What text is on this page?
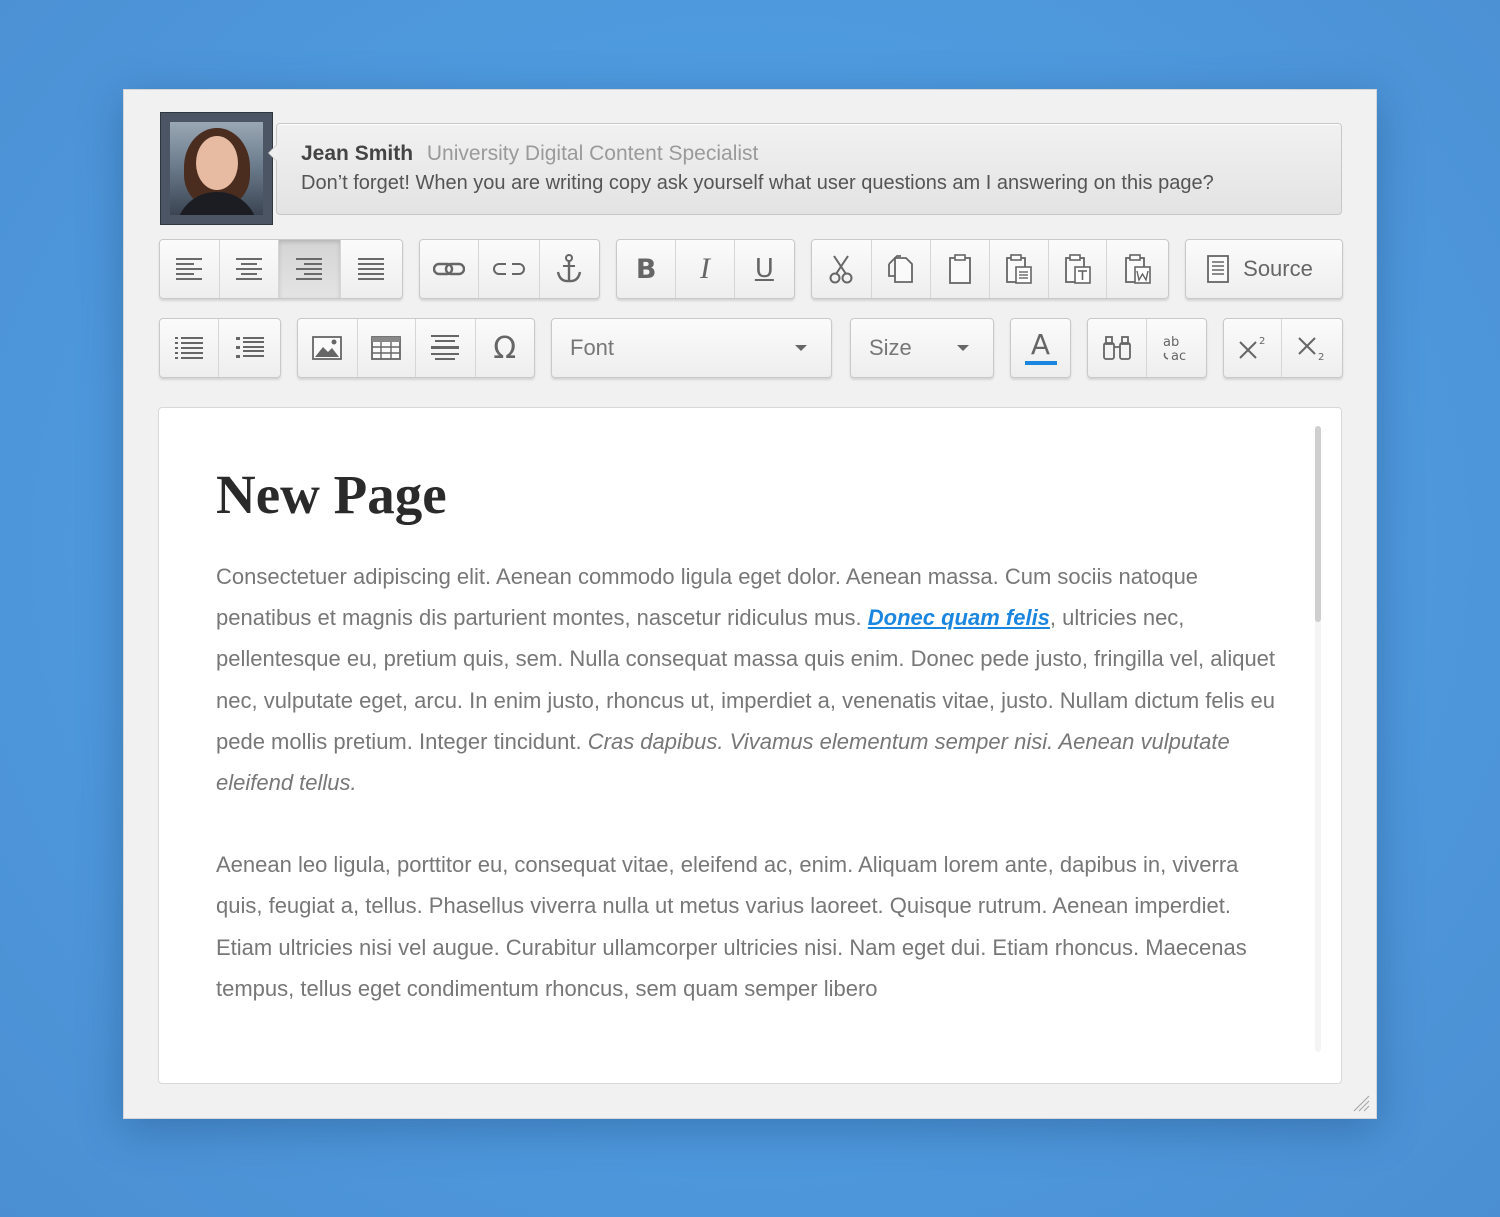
Jean Smith University Digital Content Specialist
Don’t forget! When you are writing copy ask yourself what user questions am I answering on this page?
B I U	Source
Ω Font	Size	A	ab
ac
2
2
New Page

Consectetuer adipiscing elit. Aenean commodo ligula eget dolor. Aenean massa. Cum sociis natoque penatibus et magnis dis parturient montes, nascetur ridiculus mus. Donec quam felis, ultricies nec, pellentesque eu, pretium quis, sem. Nulla consequat massa quis enim. Donec pede justo, fringilla vel, aliquet nec, vulputate eget, arcu. In enim justo, rhoncus ut, imperdiet a, venenatis vitae, justo. Nullam dictum felis eu pede mollis pretium. Integer tincidunt. Cras dapibus. Vivamus elementum semper nisi. Aenean vulputate eleifend tellus.

Aenean leo ligula, porttitor eu, consequat vitae, eleifend ac, enim. Aliquam lorem ante, dapibus in, viverra quis, feugiat a, tellus. Phasellus viverra nulla ut metus varius laoreet. Quisque rutrum. Aenean imperdiet. Etiam ultricies nisi vel augue. Curabitur ullamcorper ultricies nisi. Nam eget dui. Etiam rhoncus. Maecenas tempus, tellus eget condimentum rhoncus, sem quam semper libero
